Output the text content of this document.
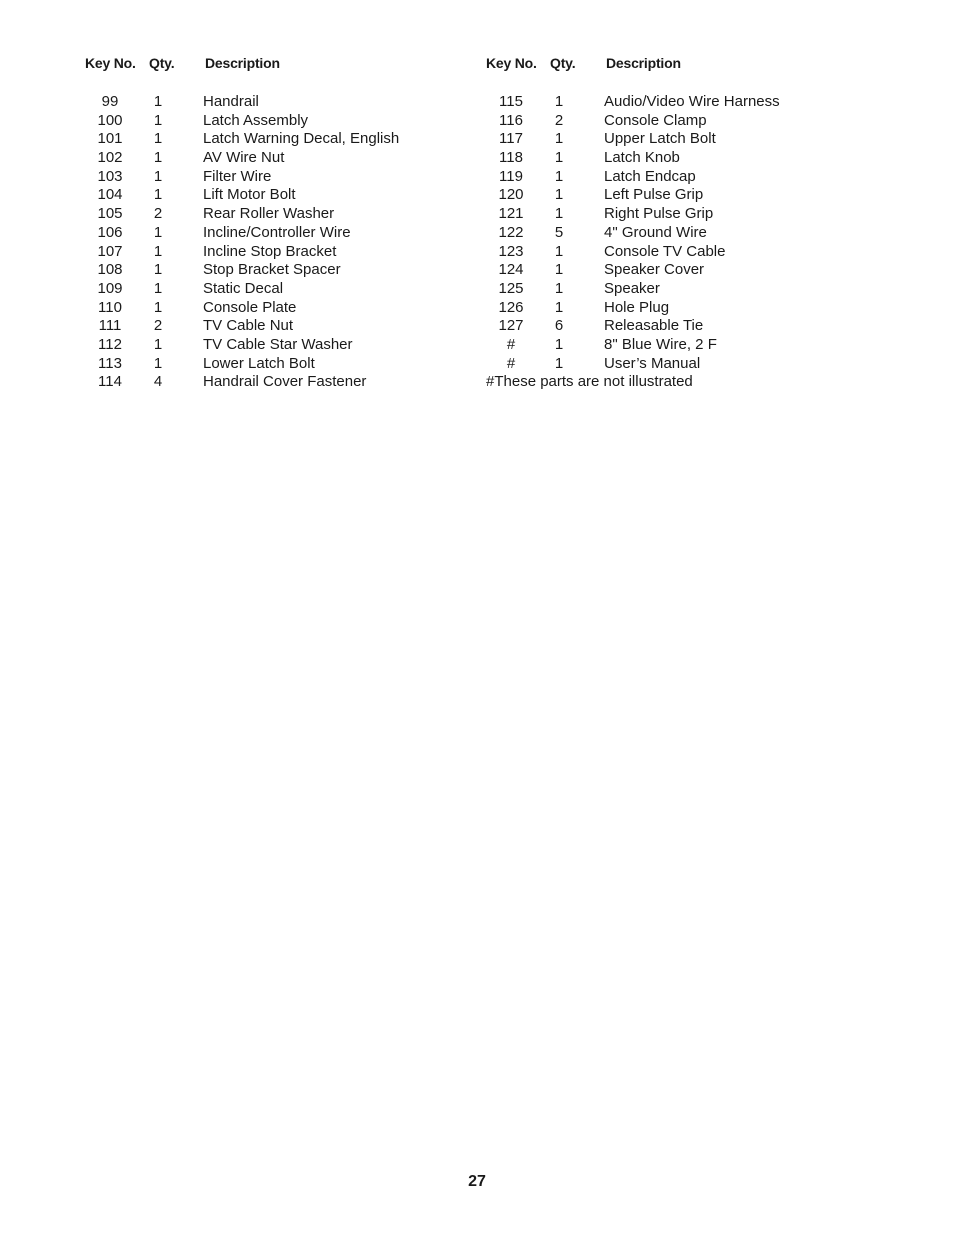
Key No. Qty. Description
99	1	Handrail
100	1	Latch Assembly
101	1	Latch Warning Decal, English
102	1	AV Wire Nut
103	1	Filter Wire
104	1	Lift Motor Bolt
105	2	Rear Roller Washer
106	1	Incline/Controller Wire
107	1	Incline Stop Bracket
108	1	Stop Bracket Spacer
109	1	Static Decal
110	1	Console Plate
111	2	TV Cable Nut
112	1	TV Cable Star Washer
113	1	Lower Latch Bolt
114	4	Handrail Cover Fastener
Key No. Qty. Description
115	1	Audio/Video Wire Harness
116	2	Console Clamp
117	1	Upper Latch Bolt
118	1	Latch Knob
119	1	Latch Endcap
120	1	Left Pulse Grip
121	1	Right Pulse Grip
122	5	4" Ground Wire
123	1	Console TV Cable
124	1	Speaker Cover
125	1	Speaker
126	1	Hole Plug
127	6	Releasable Tie
#	1	8" Blue Wire, 2 F
#	1	User’s Manual
#These parts are not illustrated
27
